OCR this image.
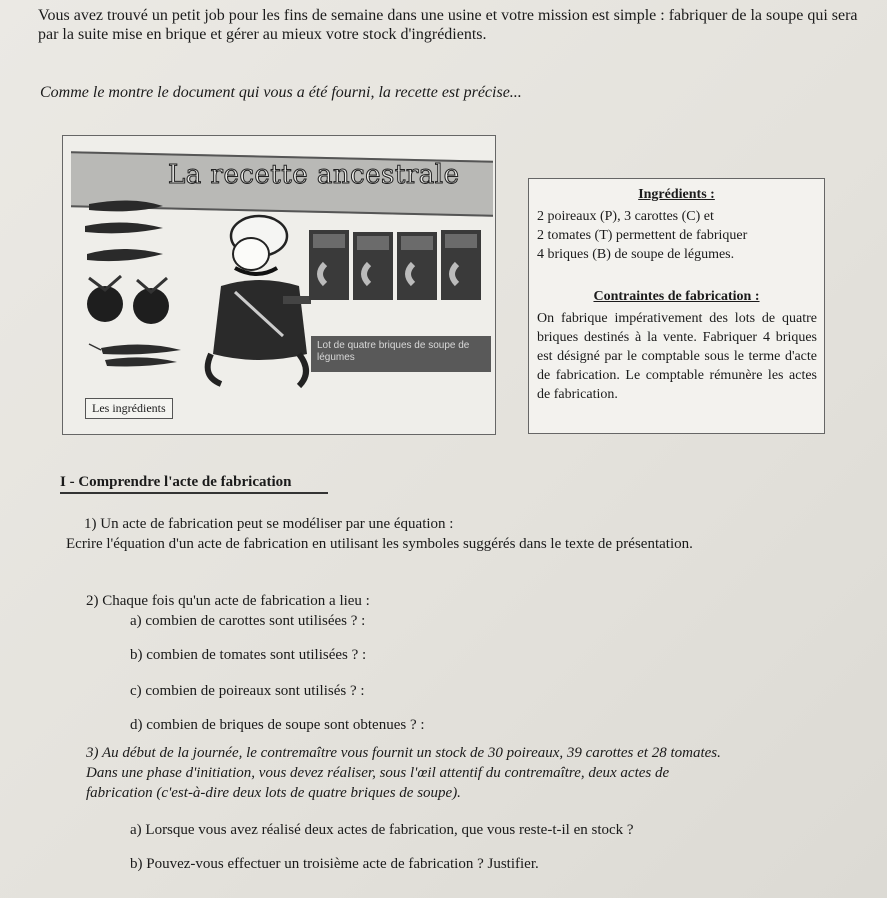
Vous avez trouvé un petit job pour les fins de semaine dans une usine et votre mission est simple : fabriquer de la soupe qui sera par la suite mise en brique et gérer au mieux votre stock d'ingrédients.
Comme le montre le document qui vous a été fourni, la recette est précise...
La recette ancestrale
Lot de quatre briques de soupe de légumes
Les ingrédients
Ingrédients :
2 poireaux (P), 3 carottes (C) et
2 tomates (T) permettent de fabriquer
4 briques (B) de soupe de légumes.
Contraintes de fabrication :
On fabrique impérativement des lots de quatre briques destinés à la vente. Fabriquer 4 briques est désigné par le comptable sous le terme d'acte de fabrication. Le comptable rémunère les actes de fabrication.
I - Comprendre l'acte de fabrication
1) Un acte de fabrication peut se modéliser par une équation :
Ecrire l'équation d'un acte de fabrication en utilisant les symboles suggérés dans le texte de présentation.
2) Chaque fois qu'un acte de fabrication a lieu :
a) combien de carottes sont utilisées ? :
b) combien de tomates sont utilisées ? :
c) combien de poireaux sont utilisés ? :
d) combien de briques de soupe sont obtenues ? :
3) Au début de la journée, le contremaître vous fournit un stock de 30 poireaux, 39 carottes et 28 tomates.
Dans une phase d'initiation, vous devez réaliser, sous l'œil attentif du contremaître, deux actes de
fabrication (c'est-à-dire deux lots de quatre briques de soupe).
a) Lorsque vous avez réalisé deux actes de fabrication, que vous reste-t-il en stock ?
b) Pouvez-vous effectuer un troisième acte de fabrication ? Justifier.
